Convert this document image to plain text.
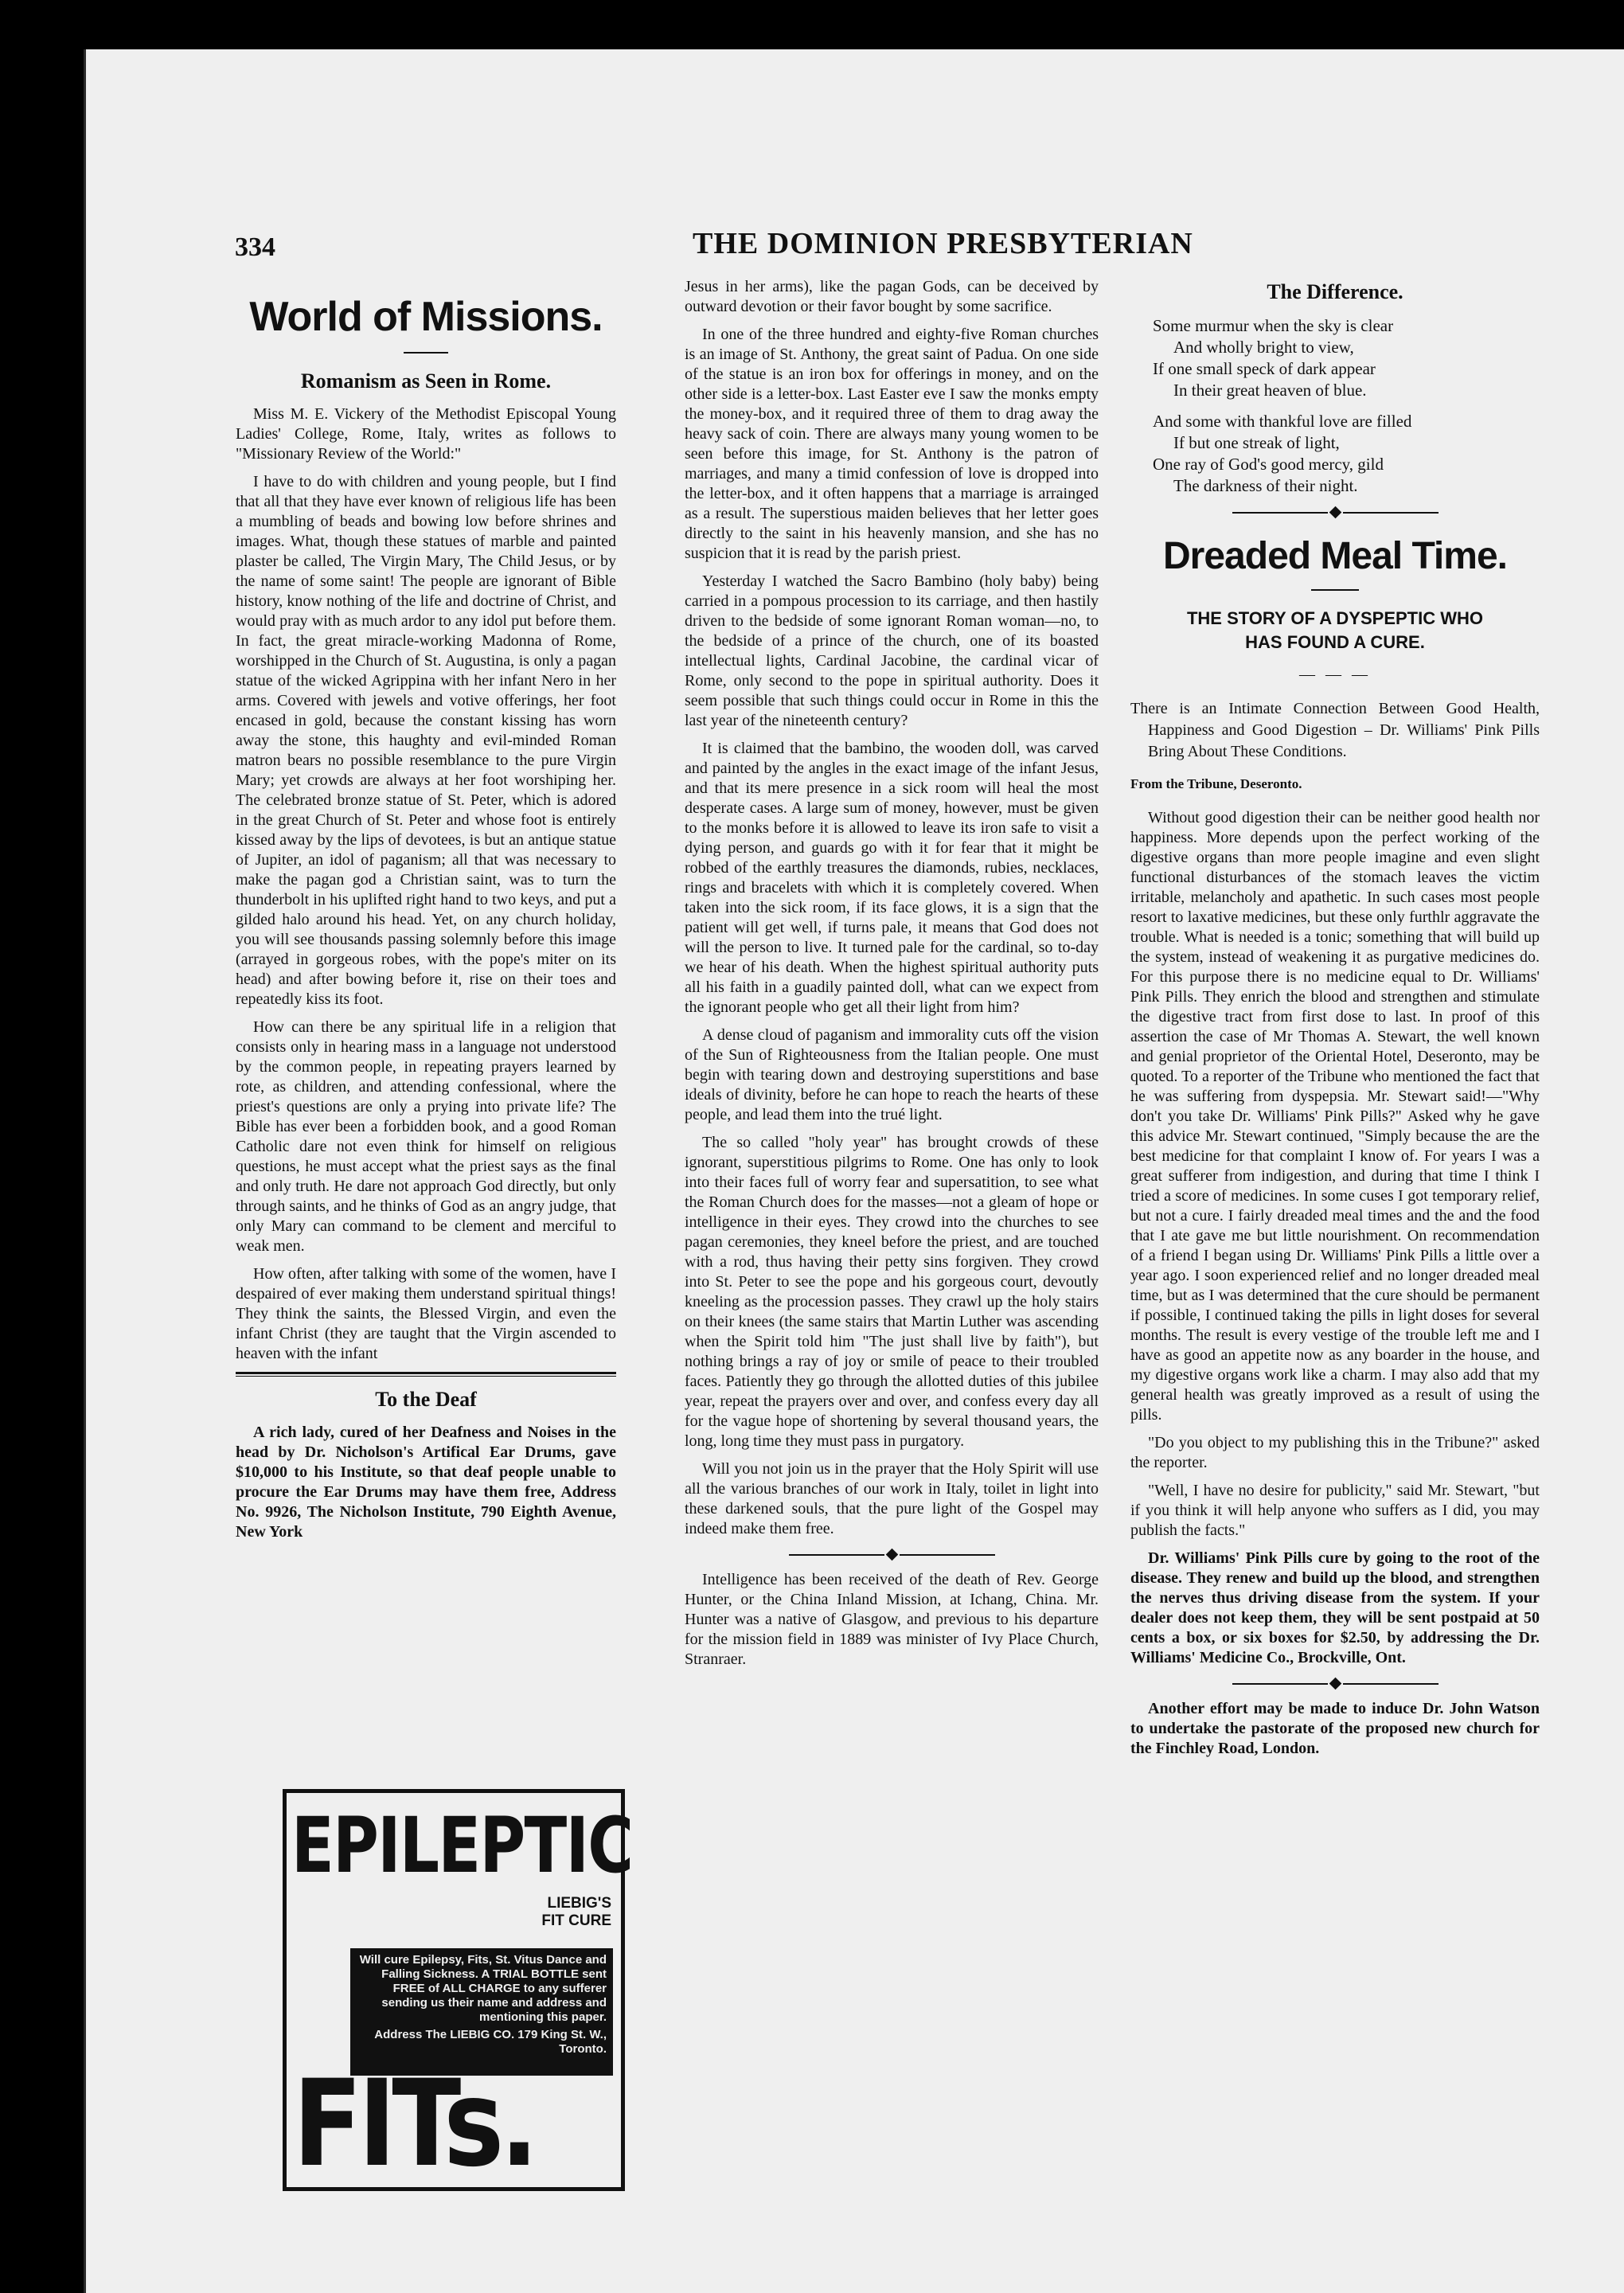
334	THE DOMINION PRESBYTERIAN
World of Missions.
Romanism as Seen in Rome.

Miss M. E. Vickery of the Methodist Episcopal Young Ladies' College, Rome, Italy, writes as follows to "Missionary Review of the World:"

I have to do with children and young people, but I find that all that they have ever known of religious life has been a mumbling of beads and bowing low before shrines and images. What, though these statues of marble and painted plaster be called, The Virgin Mary, The Child Jesus, or by the name of some saint! The people are ignorant of Bible history, know nothing of the life and doctrine of Christ, and would pray with as much ardor to any idol put before them. In fact, the great miracle-working Madonna of Rome, worshipped in the Church of St. Augustina, is only a pagan statue of the wicked Agrippina with her infant Nero in her arms. Covered with jewels and votive offerings, her foot encased in gold, because the constant kissing has worn away the stone, this haughty and evil-minded Roman matron bears no possible resemblance to the pure Virgin Mary; yet crowds are always at her foot worshiping her. The celebrated bronze statue of St. Peter, which is adored in the great Church of St. Peter and whose foot is entirely kissed away by the lips of devotees, is but an antique statue of Jupiter, an idol of paganism; all that was necessary to make the pagan god a Christian saint, was to turn the thunderbolt in his uplifted right hand to two keys, and put a gilded halo around his head. Yet, on any church holiday, you will see thousands passing solemnly before this image (arrayed in gorgeous robes, with the pope's miter on its head) and after bowing before it, rise on their toes and repeatedly kiss its foot.

How can there be any spiritual life in a religion that consists only in hearing mass in a language not understood by the common people, in repeating prayers learned by rote, as children, and attending confessional, where the priest's questions are only a prying into private life? The Bible has ever been a forbidden book, and a good Roman Catholic dare not even think for himself on religious questions, he must accept what the priest says as the final and only truth. He dare not approach God directly, but only through saints, and he thinks of God as an angry judge, that only Mary can command to be clement and merciful to weak men.

How often, after talking with some of the women, have I despaired of ever making them understand spiritual things! They think the saints, the Blessed Virgin, and even the infant Christ (they are taught that the Virgin ascended to heaven with the infant

To the Deaf

A rich lady, cured of her Deafness and Noises in the head by Dr. Nicholson's Artifical Ear Drums, gave $10,000 to his Institute, so that deaf people unable to procure the Ear Drums may have them free, Address No. 9926, The Nicholson Institute, 790 Eighth Avenue, New York

EPILEPTIC
LIEBIG'S
FIT CURE
Will cure Epilepsy, Fits, St. Vitus Dance and Falling Sickness. A TRIAL BOTTLE sent FREE of ALL CHARGE to any sufferer sending us their name and address and mentioning this paper.
Address The LIEBIG CO. 179 King St. W., Toronto.
FITs.

Jesus in her arms), like the pagan Gods, can be deceived by outward devotion or their favor bought by some sacrifice.

In one of the three hundred and eighty-five Roman churches is an image of St. Anthony, the great saint of Padua. On one side of the statue is an iron box for offerings in money, and on the other side is a letter-box. Last Easter eve I saw the monks empty the money-box, and it required three of them to drag away the heavy sack of coin. There are always many young women to be seen before this image, for St. Anthony is the patron of marriages, and many a timid confession of love is dropped into the letter-box, and it often happens that a marriage is arrainged as a result. The superstious maiden believes that her letter goes directly to the saint in his heavenly mansion, and she has no suspicion that it is read by the parish priest.

Yesterday I watched the Sacro Bambino (holy baby) being carried in a pompous procession to its carriage, and then hastily driven to the bedside of some ignorant Roman woman—no, to the bedside of a prince of the church, one of its boasted intellectual lights, Cardinal Jacobine, the cardinal vicar of Rome, only second to the pope in spiritual authority. Does it seem possible that such things could occur in Rome in this the last year of the nineteenth century?

It is claimed that the bambino, the wooden doll, was carved and painted by the angles in the exact image of the infant Jesus, and that its mere presence in a sick room will heal the most desperate cases. A large sum of money, however, must be given to the monks before it is allowed to leave its iron safe to visit a dying person, and guards go with it for fear that it might be robbed of the earthly treasures the diamonds, rubies, necklaces, rings and bracelets with which it is completely covered. When taken into the sick room, if its face glows, it is a sign that the patient will get well, if turns pale, it means that God does not will the person to live. It turned pale for the cardinal, so to-day we hear of his death. When the highest spiritual authority puts all his faith in a guadily painted doll, what can we expect from the ignorant people who get all their light from him?

A dense cloud of paganism and immorality cuts off the vision of the Sun of Righteousness from the Italian people. One must begin with tearing down and destroying superstitions and base ideals of divinity, before he can hope to reach the hearts of these people, and lead them into the trué light.

The so called "holy year" has brought crowds of these ignorant, superstitious pilgrims to Rome. One has only to look into their faces full of worry fear and supersatition, to see what the Roman Church does for the masses—not a gleam of hope or intelligence in their eyes. They crowd into the churches to see pagan ceremonies, they kneel before the priest, and are touched with a rod, thus having their petty sins forgiven. They crowd into St. Peter to see the pope and his gorgeous court, devoutly kneeling as the procession passes. They crawl up the holy stairs on their knees (the same stairs that Martin Luther was ascending when the Spirit told him "The just shall live by faith"), but nothing brings a ray of joy or smile of peace to their troubled faces. Patiently they go through the allotted duties of this jubilee year, repeat the prayers over and over, and confess every day all for the vague hope of shortening by several thousand years, the long, long time they must pass in purgatory.

Will you not join us in the prayer that the Holy Spirit will use all the various branches of our work in Italy, toilet in light into these darkened souls, that the pure light of the Gospel may indeed make them free.

Intelligence has been received of the death of Rev. George Hunter, or the China Inland Mission, at Ichang, China. Mr. Hunter was a native of Glasgow, and previous to his departure for the mission field in 1889 was minister of Ivy Place Church, Stranraer.

The Difference.
Some murmur when the sky is clear
And wholly bright to view,
If one small speck of dark appear
In their great heaven of blue.
And some with thankful love are filled
If but one streak of light,
One ray of God's good mercy, gild
The darkness of their night.
Dreaded Meal Time.
THE STORY OF A DYSPEPTIC WHO
HAS FOUND A CURE.
— — —

There is an Intimate Connection Between Good Health, Happiness and Good Digestion – Dr. Williams' Pink Pills Bring About These Conditions.

From the Tribune, Deseronto.

Without good digestion their can be neither good health nor happiness. More depends upon the perfect working of the digestive organs than more people imagine and even slight functional disturbances of the stomach leaves the victim irritable, melancholy and apathetic. In such cases most people resort to laxative medicines, but these only furthlr aggravate the trouble. What is needed is a tonic; something that will build up the system, instead of weakening it as purgative medicines do. For this purpose there is no medicine equal to Dr. Williams' Pink Pills. They enrich the blood and strengthen and stimulate the digestive tract from first dose to last. In proof of this assertion the case of Mr Thomas A. Stewart, the well known and genial proprietor of the Oriental Hotel, Deseronto, may be quoted. To a reporter of the Tribune who mentioned the fact that he was suffering from dyspepsia. Mr. Stewart said!—"Why don't you take Dr. Williams' Pink Pills?" Asked why he gave this advice Mr. Stewart continued, "Simply because the are the best medicine for that complaint I know of. For years I was a great sufferer from indigestion, and during that time I think I tried a score of medicines. In some cuses I got temporary relief, but not a cure. I fairly dreaded meal times and the and the food that I ate gave me but little nourishment. On recommendation of a friend I began using Dr. Williams' Pink Pills a little over a year ago. I soon experienced relief and no longer dreaded meal time, but as I was determined that the cure should be permanent if possible, I continued taking the pills in light doses for several months. The result is every vestige of the trouble left me and I have as good an appetite now as any boarder in the house, and my digestive organs work like a charm. I may also add that my general health was greatly improved as a result of using the pills.

"Do you object to my publishing this in the Tribune?" asked the reporter.

"Well, I have no desire for publicity," said Mr. Stewart, "but if you think it will help anyone who suffers as I did, you may publish the facts."

Dr. Williams' Pink Pills cure by going to the root of the disease. They renew and build up the blood, and strengthen the nerves thus driving disease from the system. If your dealer does not keep them, they will be sent postpaid at 50 cents a box, or six boxes for $2.50, by addressing the Dr. Williams' Medicine Co., Brockville, Ont.

Another effort may be made to induce Dr. John Watson to undertake the pastorate of the proposed new church for the Finchley Road, London.
